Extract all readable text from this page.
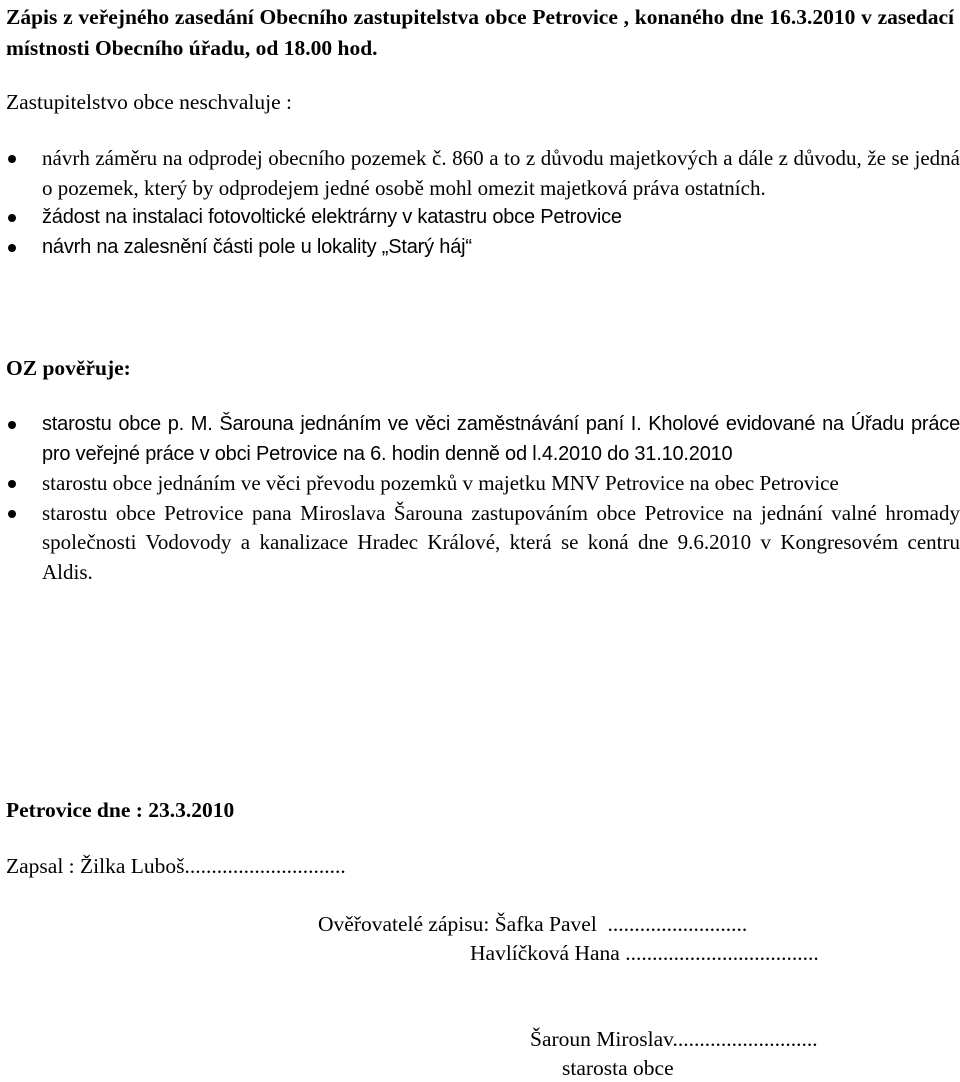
Zápis z veřejného zasedání Obecního zastupitelstva obce Petrovice , konaného dne 16.3.2010 v zasedací místnosti Obecního úřadu, od 18.00 hod.
Zastupitelstvo obce neschvaluje :
návrh záměru na odprodej obecního pozemek č. 860 a to z důvodu majetkových a dále z důvodu, že se jedná o pozemek, který by odprodejem jedné osobě mohl omezit majetková práva ostatních.
žádost na instalaci fotovoltické elektrárny v katastru obce Petrovice
návrh na zalesnění části pole u lokality „Starý háj“
OZ pověřuje:
starostu obce p. M. Šarouna jednáním ve věci zaměstnávání paní I. Kholové evidované na Úřadu práce pro veřejné práce v obci Petrovice na 6. hodin denně od l.4.2010 do 31.10.2010
starostu obce jednáním ve věci převodu pozemků v majetku MNV Petrovice na obec Petrovice
starostu obce Petrovice pana Miroslava Šarouna zastupováním obce Petrovice na jednání valné hromady společnosti Vodovody a kanalizace Hradec Králové, která se koná dne 9.6.2010 v Kongresovém centru Aldis.
Petrovice dne : 23.3.2010
Zapsal : Žilka Luboš..............................
Ověřovatelé zápisu: Šafka Pavel  ..........................
Havlíčková Hana ....................................
Šaroun Miroslav...........................
starosta obce
